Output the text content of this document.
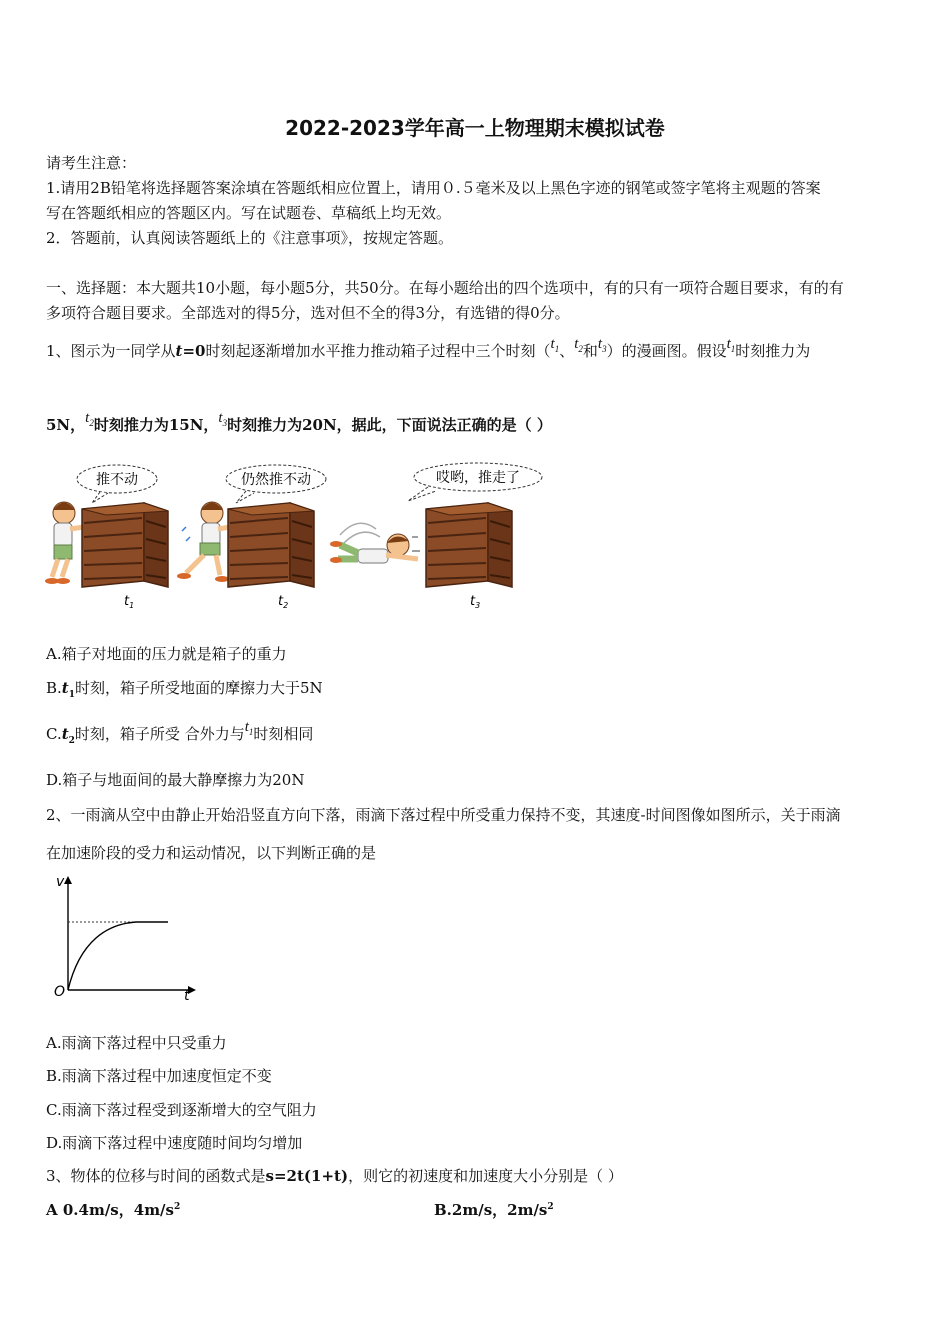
2022-2023学年高一上物理期末模拟试卷
请考生注意：
1.请用2B铅笔将选择题答案涂填在答题纸相应位置上，请用０.５毫米及以上黑色字迹的钢笔或签字笔将主观题的答案
写在答题纸相应的答题区内。写在试题卷、草稿纸上均无效。
2．答题前，认真阅读答题纸上的《注意事项》，按规定答题。
一、选择题：本大题共10小题，每小题5分，共50分。在每小题给出的四个选项中，有的只有一项符合题目要求，有的有
多项符合题目要求。全部选对的得5分，选对但不全的得3分，有选错的得0分。
1、图示为一同学从t=0时刻起逐渐增加水平推力推动箱子过程中三个时刻（$t_1$、$t_2$和$t_3$）的漫画图。假设$t_1$时刻推力为
5N，$t_2$时刻推力为15N，$t_3$时刻推力为20N，据此，下面说法正确的是（ ）
推不动	仍然推不动	哎哟，推走了
$t_1$	$t_2$	$t_3$
A.箱子对地面的压力就是箱子的重力
$B.t_1$时刻，箱子所受地面的摩擦力大于5N
$C.t_2$时刻，箱子所受 合外力与$t_1$时刻相同
D.箱子与地面间的最大静摩擦力为20N
2、一雨滴从空中由静止开始沿竖直方向下落，雨滴下落过程中所受重力保持不变，其速度-时间图像如图所示，关于雨滴
在加速阶段的受力和运动情况，以下判断正确的是
v
t
O
A.雨滴下落过程中只受重力
B.雨滴下落过程中加速度恒定不变
C.雨滴下落过程受到逐渐增大的空气阻力
D.雨滴下落过程中速度随时间均匀增加
3、物体的位移与时间的函数式是s=2t(1+t)，则它的初速度和加速度大小分别是（ ）
A 0.4m/s，$4m/s^2$	B.2m/s，$2m/s^2$
